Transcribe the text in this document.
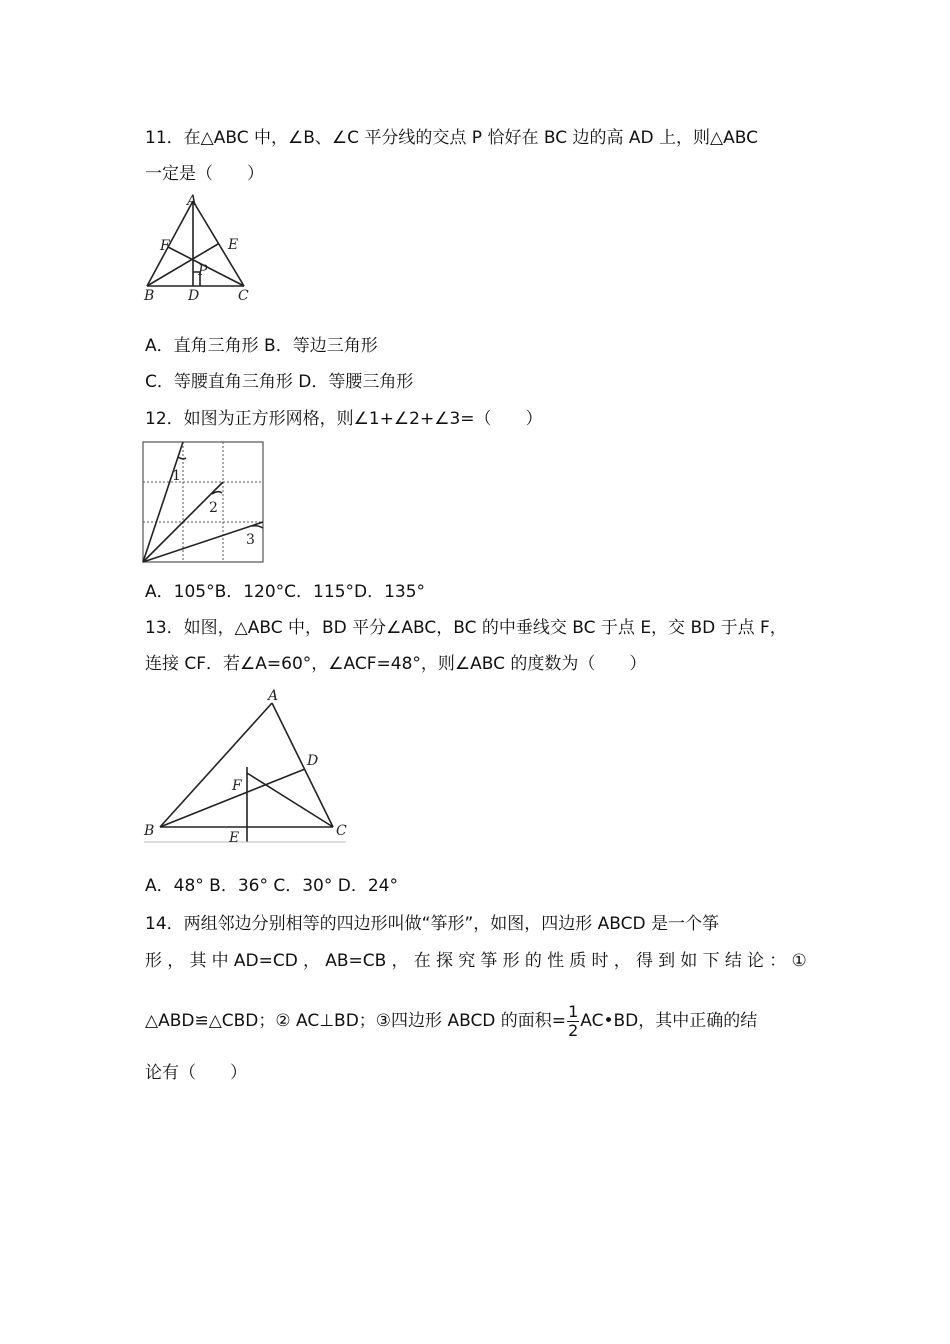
11．在△ABC 中，∠B、∠C 平分线的交点 P 恰好在 BC 边的高 AD 上，则△ABC
一定是（　　）
A
F	E
P
B D	C
A．直角三角形 B．等边三角形
C．等腰直角三角形 D．等腰三角形
12．如图为正方形网格，则∠1+∠2+∠3=（　　）
1
2
3
A．105°B．120°C．115°D．135°
13．如图，△ABC 中，BD 平分∠ABC，BC 的中垂线交 BC 于点 E，交 BD 于点 F，
连接 CF．若∠A=60°，∠ACF=48°，则∠ABC 的度数为（　　）
A
D
F
B	C
E
A．48° B．36° C．30° D．24°
14．两组邻边分别相等的四边形叫做“筝形”，如图，四边形 ABCD 是一个筝
形 ， 其 中 AD=CD ， AB=CB ， 在 探 究 筝 形 的 性 质 时 ， 得 到 如 下 结 论 ： ①
△ABD≌△CBD；② AC⊥BD；③四边形 ABCD 的面积= $\frac{1}{2}$ AC•BD，其中正确的结
论有（　　）
